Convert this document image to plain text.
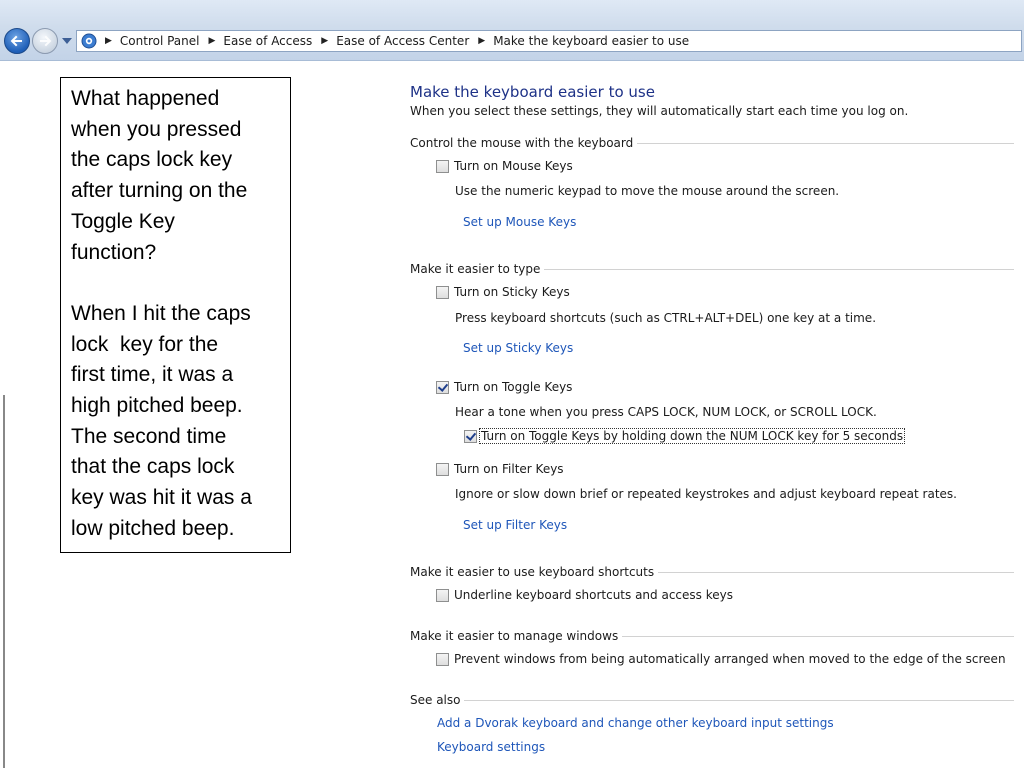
▶ Control Panel ▶ Ease of Access ▶ Ease of Access Center ▶ Make the keyboard easier to use

What happened

when you pressed

the caps lock key

after turning on the

Toggle Key

function?

When I hit the caps

lock  key for the

first time, it was a

high pitched beep.

The second time

that the caps lock

key was hit it was a

low pitched beep.

Make the keyboard easier to use
When you select these settings, they will automatically start each time you log on.
Control the mouse with the keyboard
Turn on Mouse Keys
Use the numeric keypad to move the mouse around the screen.
Set up Mouse Keys
Make it easier to type
Turn on Sticky Keys
Press keyboard shortcuts (such as CTRL+ALT+DEL) one key at a time.
Set up Sticky Keys
Turn on Toggle Keys
Hear a tone when you press CAPS LOCK, NUM LOCK, or SCROLL LOCK.
Turn on Toggle Keys by holding down the NUM LOCK key for 5 seconds
Turn on Filter Keys
Ignore or slow down brief or repeated keystrokes and adjust keyboard repeat rates.
Set up Filter Keys
Make it easier to use keyboard shortcuts
Underline keyboard shortcuts and access keys
Make it easier to manage windows
Prevent windows from being automatically arranged when moved to the edge of the screen
See also
Add a Dvorak keyboard and change other keyboard input settings
Keyboard settings
